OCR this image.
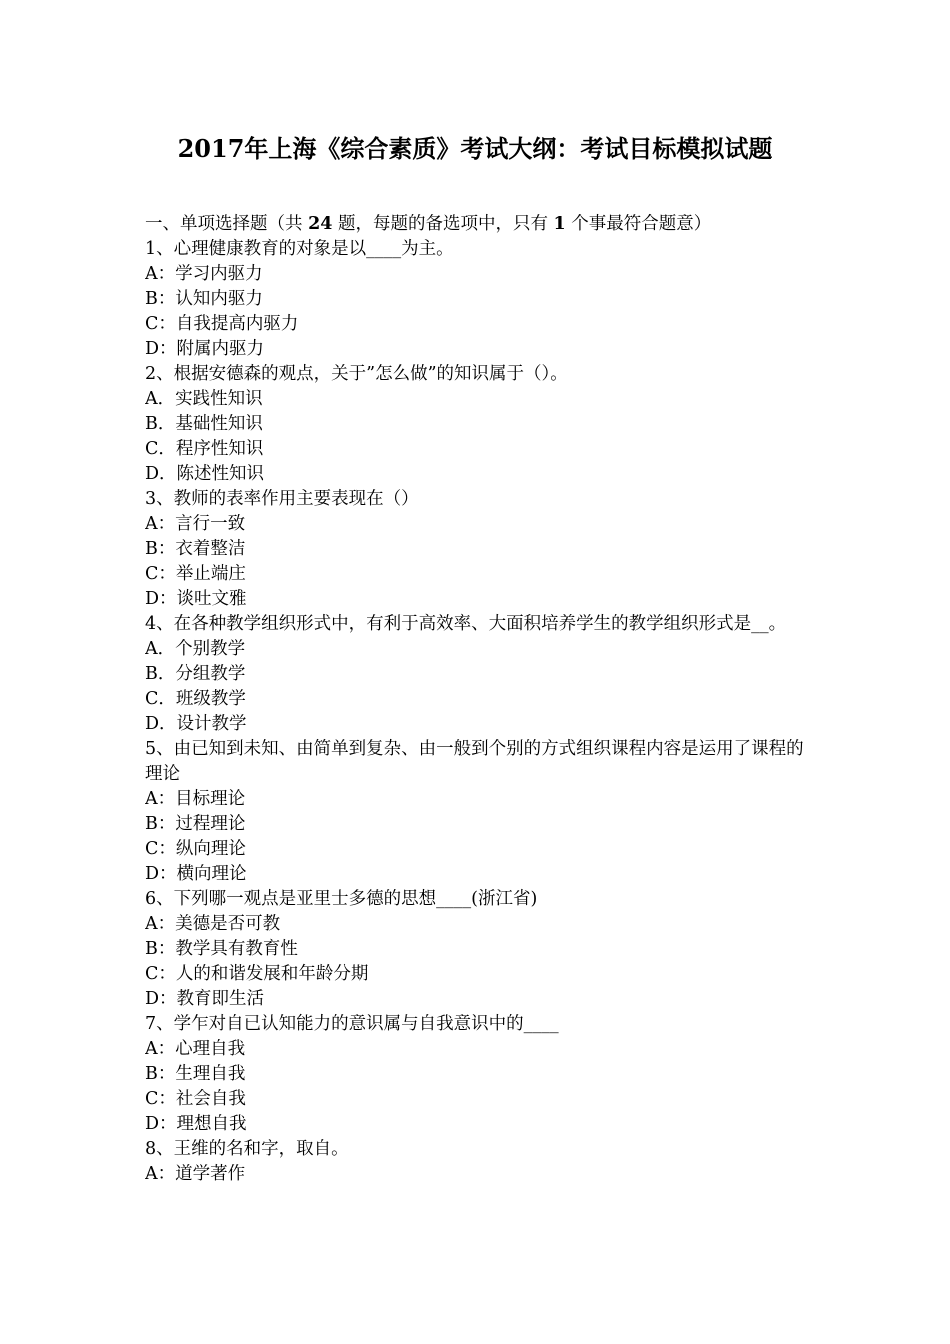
2017年上海《综合素质》考试大纲：考试目标模拟试题
一、单项选择题（共 24 题，每题的备选项中，只有 1 个事最符合题意）
1、心理健康教育的对象是以____为主。
A：学习内驱力
B：认知内驱力
C：自我提高内驱力
D：附属内驱力
2、根据安德森的观点，关于”怎么做”的知识属于（）。
A．实践性知识
B．基础性知识
C．程序性知识
D．陈述性知识
3、教师的表率作用主要表现在（）
A：言行一致
B：衣着整洁
C：举止端庄
D：谈吐文雅
4、在各种教学组织形式中，有利于高效率、大面积培养学生的教学组织形式是__。
A．个别教学
B．分组教学
C．班级教学
D．设计教学
5、由已知到未知、由简单到复杂、由一般到个别的方式组织课程内容是运用了课程的理论
A：目标理论
B：过程理论
C：纵向理论
D：横向理论
6、下列哪一观点是亚里士多德的思想____(浙江省)
A：美德是否可教
B：教学具有教育性
C：人的和谐发展和年龄分期
D：教育即生活
7、学乍对自已认知能力的意识属与自我意识中的____
A：心理自我
B：生理自我
C：社会自我
D：理想自我
8、王维的名和字，取自。
A：道学著作
